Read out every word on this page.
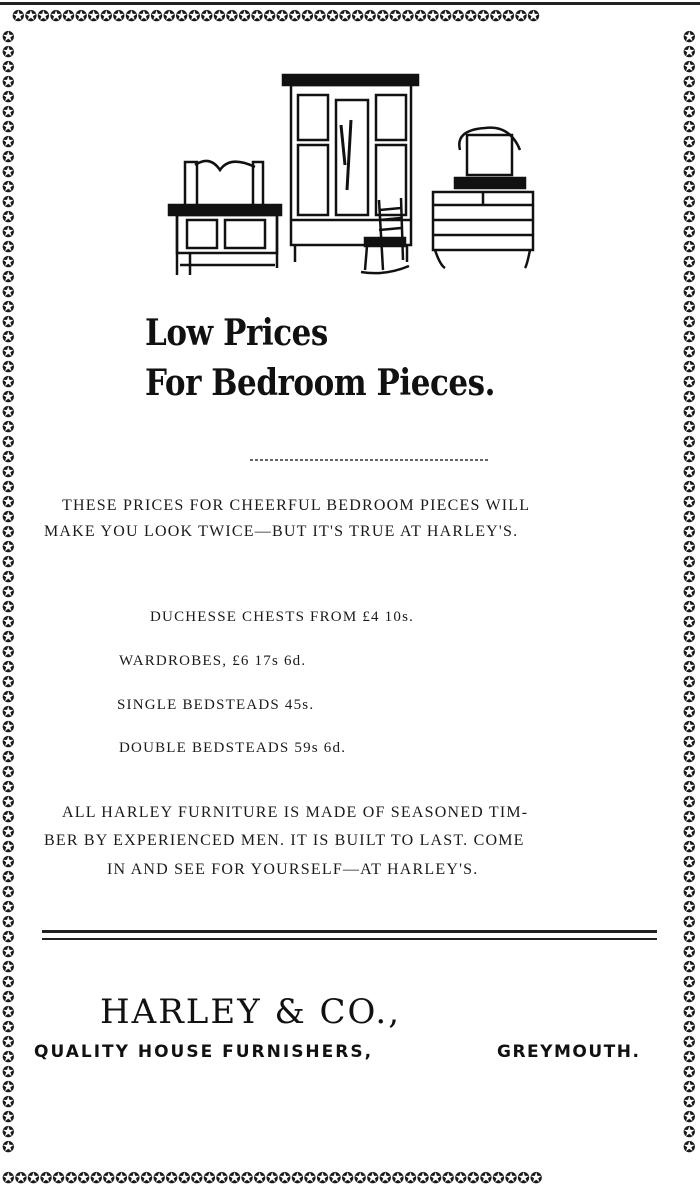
✪✪✪✪✪✪✪✪✪✪✪✪✪✪✪✪✪✪✪✪✪✪✪✪✪✪✪✪✪✪✪✪✪✪✪✪✪✪✪✪✪✪
✪✪✪✪✪✪✪✪✪✪✪✪✪✪✪✪✪✪✪✪✪✪✪✪✪✪✪✪✪✪✪✪✪✪✪✪✪✪✪✪✪✪✪
✪✪✪✪✪✪✪✪✪✪✪✪✪✪✪✪✪✪✪✪✪✪✪✪✪✪✪✪✪✪✪✪✪✪✪✪✪✪✪✪✪✪✪✪✪✪✪✪✪✪✪✪✪✪✪✪✪✪✪✪✪✪✪✪✪✪✪✪✪✪✪✪✪✪✪
✪✪✪✪✪✪✪✪✪✪✪✪✪✪✪✪✪✪✪✪✪✪✪✪✪✪✪✪✪✪✪✪✪✪✪✪✪✪✪✪✪✪✪✪✪✪✪✪✪✪✪✪✪✪✪✪✪✪✪✪✪✪✪✪✪✪✪✪✪✪✪✪✪✪✪
Low Prices
For Bedroom Pieces.
THESE PRICES FOR CHEERFUL BEDROOM PIECES WILL
MAKE YOU LOOK TWICE—BUT IT'S TRUE AT HARLEY'S.
DUCHESSE CHESTS FROM £4 10s.
WARDROBES, £6 17s 6d.
SINGLE BEDSTEADS 45s.
DOUBLE BEDSTEADS 59s 6d.
ALL HARLEY FURNITURE IS MADE OF SEASONED TIM-
BER BY EXPERIENCED MEN. IT IS BUILT TO LAST. COME
IN AND SEE FOR YOURSELF—AT HARLEY'S.
HARLEY & CO.,
QUALITY HOUSE FURNISHERS,	GREYMOUTH.
